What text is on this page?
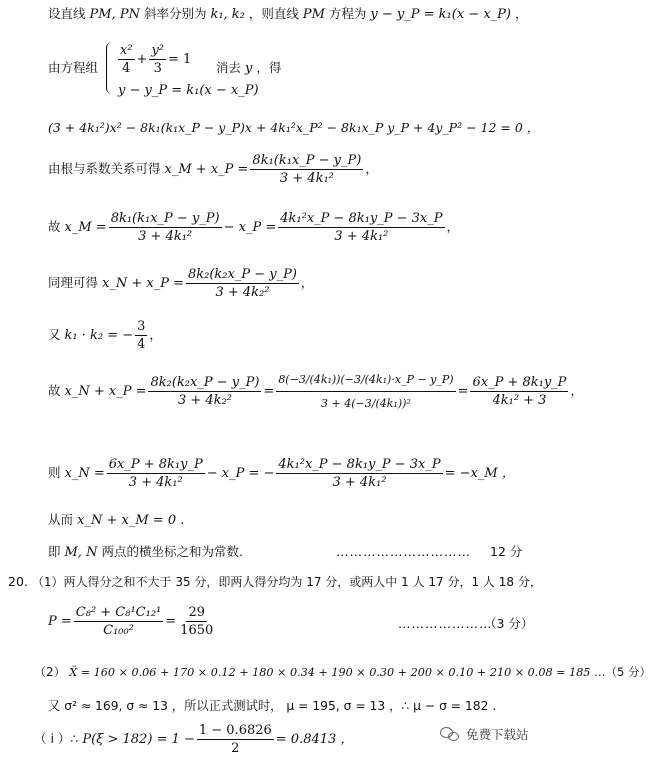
设直线 PM, PN 斜率分别为 k₁, k₂ ，则直线 PM 方程为 y − y_P = k₁(x − x_P) ，
由方程组 $\frac{\text{x²}}{4} + \frac{\text{y²}}{3} = 1$
y − y_P = k₁(x − x_P)
消去 y ，得
(3 + 4k₁²)x² − 8k₁(k₁x_P − y_P)x + 4k₁²x_P² − 8k₁x_P y_P + 4y_P² − 12 = 0 ，
由根与系数关系可得 x_M + x_P = $\frac{\text{8k₁(k₁x\_P − y\_P)}}{\text{3 + 4k₁²}}$ ，
故 x_M = $\frac{\text{8k₁(k₁x\_P − y\_P)}}{\text{3 + 4k₁²}}$ − x_P = $\frac{\text{4k₁²x\_P − 8k₁y\_P − 3x\_P}}{\text{3 + 4k₁²}}$ ，
同理可得 x_N + x_P = $\frac{\text{8k₂(k₂x\_P − y\_P)}}{\text{3 + 4k₂²}}$ ，
又 k₁ · k₂ = − $\frac{3}{4}$ ，
故 x_N + x_P = $\frac{\text{8k₂(k₂x\_P − y\_P)}}{\text{3 + 4k₂²}} = \frac{\text{8(−3/(4k₁))(−3/(4k₁)·x\_P − y\_P)}}{\text{3 + 4(−3/(4k₁))²}} = \frac{\text{6x\_P + 8k₁y\_P}}{\text{4k₁² + 3}}$ ，
则 x_N = $\frac{\text{6x\_P + 8k₁y\_P}}{\text{3 + 4k₁²}}$ − x_P = − $\frac{\text{4k₁²x\_P − 8k₁y\_P − 3x\_P}}{\text{3 + 4k₁²}}$ = −x_M ，
从而 x_N + x_M = 0 .
即 M, N 两点的横坐标之和为常数.	………………………… 12 分
20. （1）两人得分之和不大于 35 分，即两人得分均为 17 分，或两人中 1 人 17 分，1 人 18 分，
$P = \frac{\text{C₈² + C₈¹C₁₂¹}}{\text{C₁₀₀²}} = \frac{29}{1650}$	…………………
（3 分）
（2） X̄ = 160 × 0.06 + 170 × 0.12 + 180 × 0.34 + 190 × 0.30 + 200 × 0.10 + 210 × 0.08 = 185 …（5 分）
又 σ² ≈ 169, σ ≈ 13 ，所以正式测试时， μ = 195, σ = 13 ，∴ μ − σ = 182 .
（ i ）∴ $P(\xi > 182) = 1 - \frac{1 - 0.6826}{2} = 0.8413$ ，	免费下载站
